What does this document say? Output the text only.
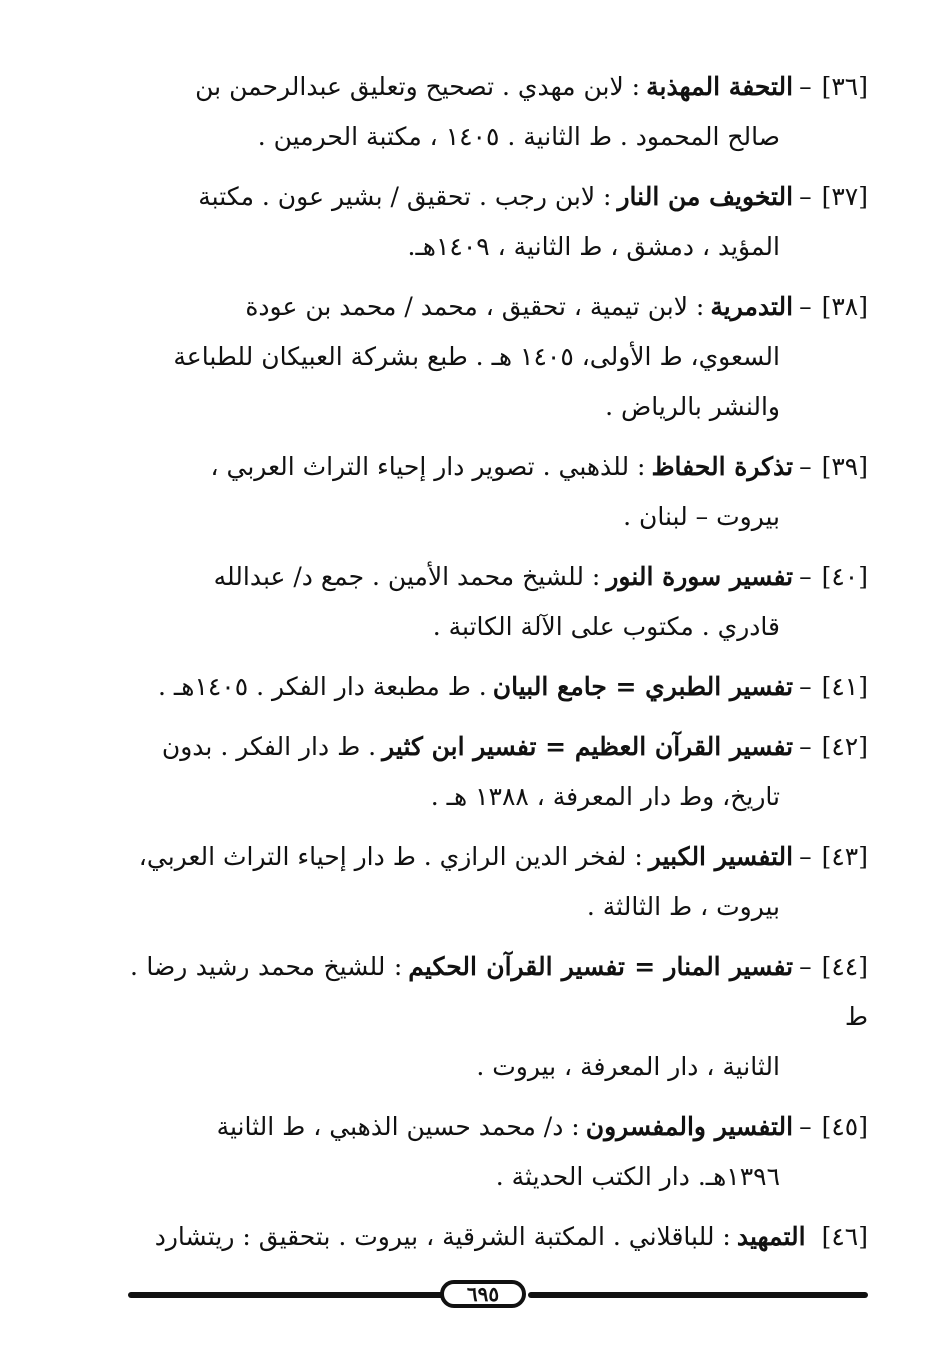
[٣٦]–التحفة المهذبة: لابن مهدي . تصحيح وتعليق عبدالرحمن بن
صالح المحمود . ط الثانية . ١٤٠٥ ، مكتبة الحرمين .
[٣٧]–التخويف من النار: لابن رجب . تحقيق / بشير عون . مكتبة
المؤيد ، دمشق ، ط الثانية ، ١٤٠٩هـ.
[٣٨]–التدمرية: لابن تيمية ، تحقيق ، محمد / محمد بن عودة
السعوي، ط الأولى، ١٤٠٥ هـ . طبع بشركة العبيكان للطباعة
والنشر بالرياض .
[٣٩]–تذكرة الحفاظ: للذهبي . تصوير دار إحياء التراث العربي ،
بيروت – لبنان .
[٤٠]–تفسير سورة النور: للشيخ محمد الأمين . جمع د/ عبدالله
قادري . مكتوب على الآلة الكاتبة .
[٤١]–تفسير الطبري = جامع البيان. ط مطبعة دار الفكر . ١٤٠٥هـ .
[٤٢]–تفسير القرآن العظيم = تفسير ابن كثير. ط دار الفكر . بدون
تاريخ، وط دار المعرفة ، ١٣٨٨ هـ .
[٤٣]–التفسير الكبير: لفخر الدين الرازي . ط دار إحياء التراث العربي،
بيروت ، ط الثالثة .
[٤٤]–تفسير المنار = تفسير القرآن الحكيم: للشيخ محمد رشيد رضا . ط
الثانية ، دار المعرفة ، بيروت .
[٤٥]–التفسير والمفسرون: د/ محمد حسين الذهبي ، ط الثانية
١٣٩٦هـ. دار الكتب الحديثة .
[٤٦]التمهيد: للباقلاني . المكتبة الشرقية ، بيروت . بتحقيق : ريتشارد
٦٩٥
